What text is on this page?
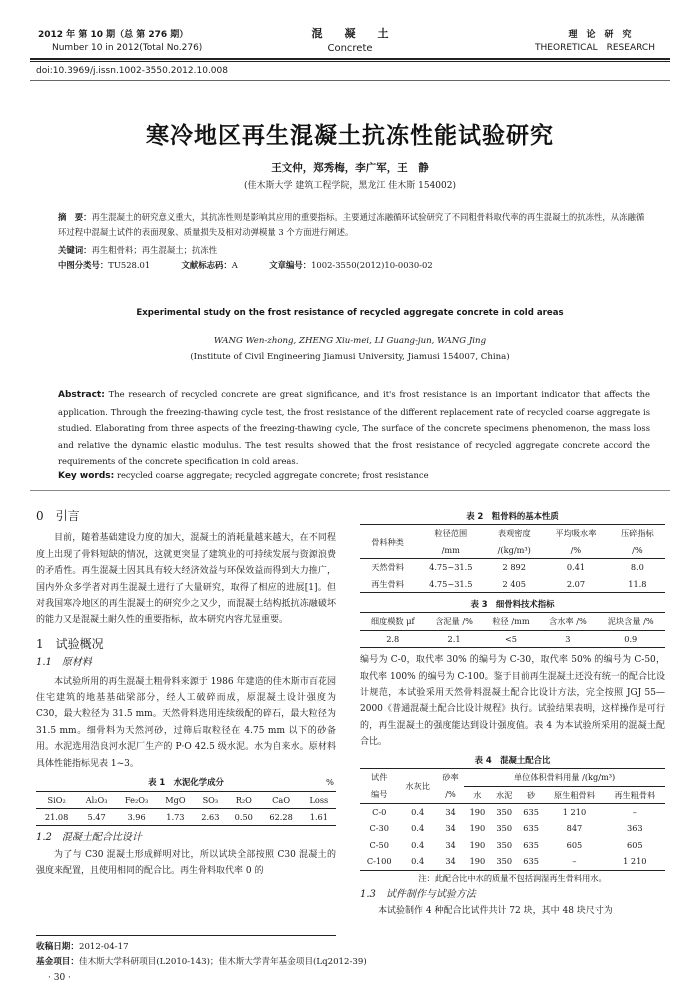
2012 年 第 10 期（总 第 276 期）
Number 10 in 2012(Total No.276)
混　　凝　　土
Concrete
理　论　研　究
THEORETICAL　RESEARCH
doi:10.3969/j.issn.1002-3550.2012.10.008
寒冷地区再生混凝土抗冻性能试验研究
王文仲，郑秀梅，李广军，王　静
(佳木斯大学 建筑工程学院，黑龙江 佳木斯 154002)
摘　要：再生混凝土的研究意义重大，其抗冻性则是影响其应用的重要指标。主要通过冻融循环试验研究了不同粗骨料取代率的再生混凝土的抗冻性，从冻融循环过程中混凝土试件的表面现象、质量损失及相对动弹模量 3 个方面进行阐述。
关键词：再生粗骨料；再生混凝土；抗冻性
中图分类号：TU528.01	文献标志码：A	文章编号：1002-3550(2012)10-0030-02
Experimental study on the frost resistance of recycled aggregate concrete in cold areas
WANG Wen-zhong, ZHENG Xiu-mei, LI Guang-jun, WANG Jing
(Institute of Civil Engineering Jiamusi University, Jiamusi 154007, China)
Abstract: The research of recycled concrete are great significance, and it's frost resistance is an important indicator that affects the application. Through the freezing-thawing cycle test, the frost resistance of the different replacement rate of recycled coarse aggregate is studied. Elaborating from three aspects of the freezing-thawing cycle, The surface of the concrete specimens phenomenon, the mass loss and relative the dynamic elastic modulus. The test results showed that the frost resistance of recycled aggregate concrete accord the requirements of the concrete specification in cold areas.
Key words: recycled coarse aggregate; recycled aggregate concrete; frost resistance
0　引言
目前，随着基础建设力度的加大，混凝土的消耗量越来越大，在不同程度上出现了骨料短缺的情况，这就更突显了建筑业的可持续发展与资源浪费的矛盾性。再生混凝土因其具有较大经济效益与环保效益而得到大力推广，国内外众多学者对再生混凝土进行了大量研究，取得了相应的进展[1]。但对我国寒冷地区的再生混凝土的研究少之又少，而混凝土结构抵抗冻融破坏的能力又是混凝土耐久性的重要指标，故本研究内容尤显重要。
1　试验概况
1.1　原材料
本试验所用的再生混凝土粗骨料来源于 1986 年建造的佳木斯市百花园住宅建筑的地基基础梁部分，经人工破碎而成，原混凝土设计强度为 C30，最大粒径为 31.5 mm。天然骨料选用连续级配的碎石，最大粒径为 31.5 mm。细骨料为天然河砂，过筛后取粒径在 4.75 mm 以下的砂备用。水泥选用浩良河水泥厂生产的 P·O 42.5 级水泥。水为自来水。原材料具体性能指标见表 1~3。
表 1　水泥化学成分	%
SiO₂	Al₂O₃	Fe₂O₃	MgO	SO₃	R₂O	CaO	Loss
21.08	5.47	3.96	1.73	2.63	0.50	62.28	1.61
1.2　混凝土配合比设计
为了与 C30 混凝土形成鲜明对比，所以试块全部按照 C30 混凝土的强度来配置，且使用相同的配合比。再生骨料取代率 0 的
表 2　粗骨料的基本性质
骨料种类	粒径范围	表观密度	平均吸水率	压碎指标
	/mm	/(kg/m³)	/%	/%
天然骨料	4.75~31.5	2 892	0.41	8.0
再生骨料	4.75~31.5	2 405	2.07	11.8
表 3　细骨料技术指标
细度模数 μf	含泥量 /%	粒径 /mm	含水率 /%	泥块含量 /%
2.8	2.1	<5	3	0.9
编号为 C-0，取代率 30% 的编号为 C-30，取代率 50% 的编号为 C-50，取代率 100% 的编号为 C-100。鉴于目前再生混凝土还没有统一的配合比设计规范，本试验采用天然骨料混凝土配合比设计方法，完全按照 JGJ 55—2000《普通混凝土配合比设计规程》执行。试验结果表明，这样操作是可行的，再生混凝土的强度能达到设计强度值。表 4 为本试验所采用的混凝土配合比。
表 4　混凝土配合比
试件	水灰比	砂率	单位体积骨料用量 /(kg/m³)				
编号		/%	水	水泥	砂	原生粗骨料	再生粗骨料
C-0	0.4	34	190	350	635	1 210	–
C-30	0.4	34	190	350	635	847	363
C-50	0.4	34	190	350	635	605	605
C-100	0.4	34	190	350	635	–	1 210
注：此配合比中水的质量不包括润湿再生骨料用水。
1.3　试件制作与试验方法
本试验制作 4 种配合比试件共计 72 块，其中 48 块尺寸为
收稿日期：2012-04-17
基金项目：佳木斯大学科研项目(L2010-143)；佳木斯大学青年基金项目(Lq2012-39)
· 30 ·
